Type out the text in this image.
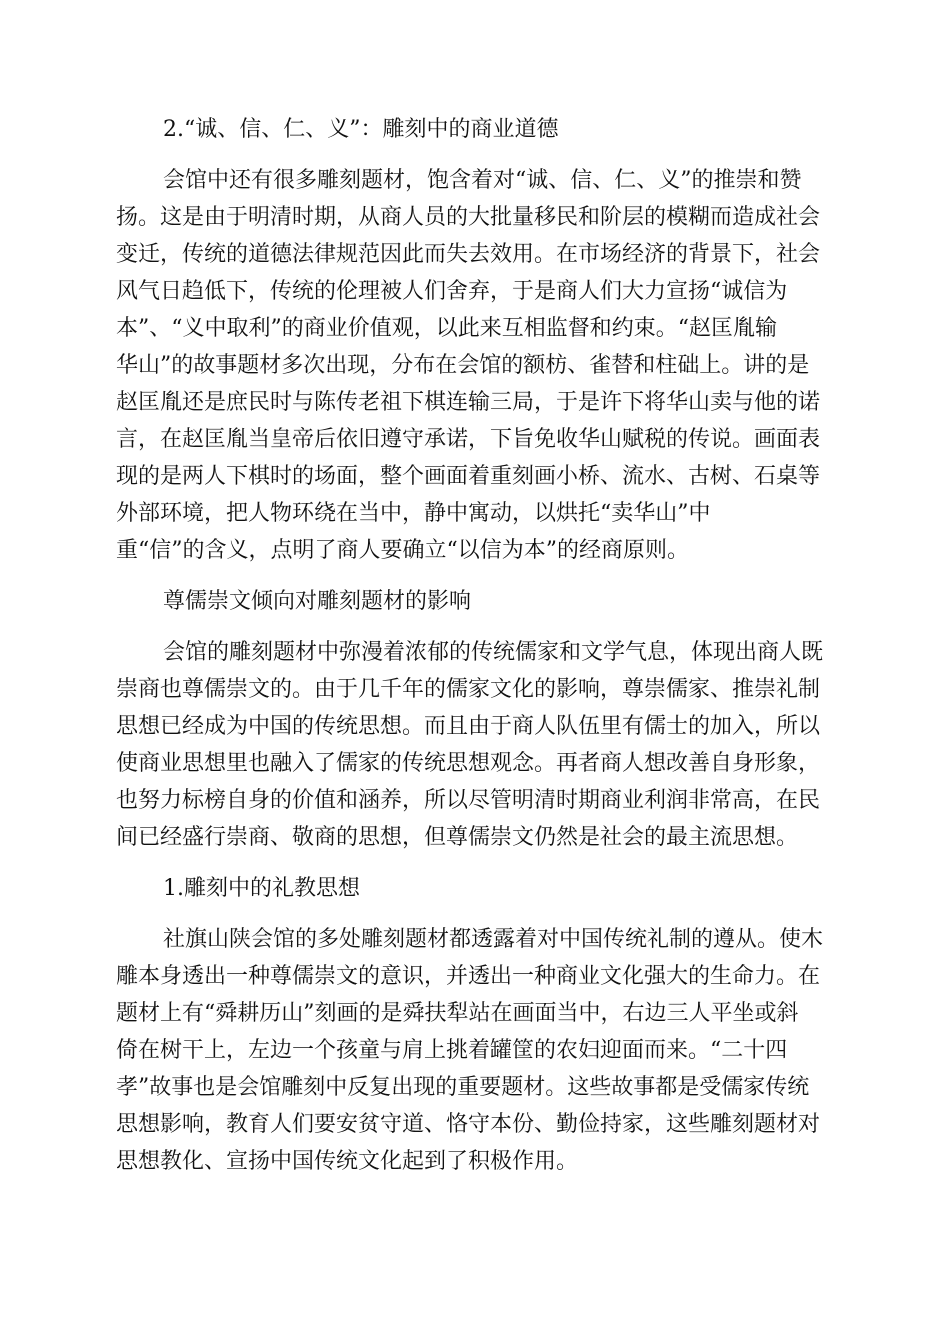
2.“诚、信、仁、义”：雕刻中的商业道德
会馆中还有很多雕刻题材，饱含着对“诚、信、仁、义”的推崇和赞
扬。这是由于明清时期，从商人员的大批量移民和阶层的模糊而造成社会
变迁，传统的道德法律规范因此而失去效用。在市场经济的背景下，社会
风气日趋低下，传统的伦理被人们舍弃，于是商人们大力宣扬“诚信为
本”、“义中取利”的商业价值观，以此来互相监督和约束。“赵匡胤输
华山”的故事题材多次出现，分布在会馆的额枋、雀替和柱础上。讲的是
赵匡胤还是庶民时与陈传老祖下棋连输三局，于是许下将华山卖与他的诺
言，在赵匡胤当皇帝后依旧遵守承诺，下旨免收华山赋税的传说。画面表
现的是两人下棋时的场面，整个画面着重刻画小桥、流水、古树、石桌等
外部环境，把人物环绕在当中，静中寓动，以烘托“卖华山”中
重“信”的含义，点明了商人要确立“以信为本”的经商原则。
尊儒崇文倾向对雕刻题材的影响
会馆的雕刻题材中弥漫着浓郁的传统儒家和文学气息，体现出商人既
崇商也尊儒崇文的。由于几千年的儒家文化的影响，尊崇儒家、推崇礼制
思想已经成为中国的传统思想。而且由于商人队伍里有儒士的加入，所以
使商业思想里也融入了儒家的传统思想观念。再者商人想改善自身形象，
也努力标榜自身的价值和涵养，所以尽管明清时期商业利润非常高，在民
间已经盛行崇商、敬商的思想，但尊儒崇文仍然是社会的最主流思想。
1.雕刻中的礼教思想
社旗山陕会馆的多处雕刻题材都透露着对中国传统礼制的遵从。使木
雕本身透出一种尊儒崇文的意识，并透出一种商业文化强大的生命力。在
题材上有“舜耕历山”刻画的是舜扶犁站在画面当中，右边三人平坐或斜
倚在树干上，左边一个孩童与肩上挑着罐筐的农妇迎面而来。“二十四
孝”故事也是会馆雕刻中反复出现的重要题材。这些故事都是受儒家传统
思想影响，教育人们要安贫守道、恪守本份、勤俭持家，这些雕刻题材对
思想教化、宣扬中国传统文化起到了积极作用。
